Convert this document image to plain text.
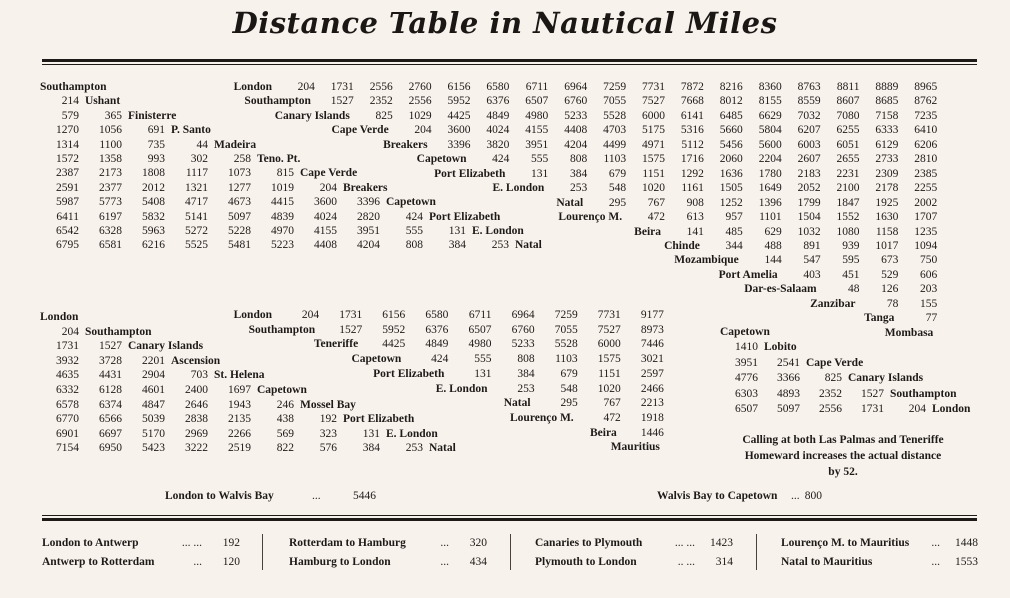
Distance Table in Nautical Miles
Southampton
214 Ushant
579	365 Finisterre
1270	1056	691 P. Santo
1314	1100	735	44 Madeira
1572	1358	993	302	258 Teno. Pt.
2387	2173	1808	1117	1073	815 Cape Verde
2591	2377	2012	1321	1277	1019	204 Breakers
5987	5773	5408	4717	4673	4415	3600	3396 Capetown
6411	6197	5832	5141	5097	4839	4024	2820	424 Port Elizabeth
6542	6328	5963	5272	5228	4970	4155	3951	555	131 E. London
6795	6581	6216	5525	5481	5223	4408	4204	808	384	253 Natal
London	204	1731	2556	2760	6156	6580	6711	6964	7259	7731	7872	8216	8360	8763	8811	8889	8965
Southampton	1527	2352	2556	5952	6376	6507	6760	7055	7527	7668	8012	8155	8559	8607	8685	8762
Canary Islands	825	1029	4425	4849	4980	5233	5528	6000	6141	6485	6629	7032	7080	7158	7235
Cape Verde	204	3600	4024	4155	4408	4703	5175	5316	5660	5804	6207	6255	6333	6410
Breakers	3396	3820	3951	4204	4499	4971	5112	5456	5600	6003	6051	6129	6206
Capetown	424	555	808	1103	1575	1716	2060	2204	2607	2655	2733	2810
Port Elizabeth	131	384	679	1151	1292	1636	1780	2183	2231	2309	2385
E. London	253	548	1020	1161	1505	1649	2052	2100	2178	2255
Natal	295	767	908	1252	1396	1799	1847	1925	2002
Lourenço M.	472	613	957	1101	1504	1552	1630	1707
Beira	141	485	629	1032	1080	1158	1235
Chinde	344	488	891	939	1017	1094
Mozambique	144	547	595	673	750
Port Amelia	403	451	529	606
Dar-es-Salaam	48	126	203
Zanzibar	78	155
Tanga	77
Mombasa
London
204 Southampton
1731	1527 Canary Islands
3932	3728	2201 Ascension
4635	4431	2904	703 St. Helena
6332	6128	4601	2400	1697 Capetown
6578	6374	4847	2646	1943	246 Mossel Bay
6770	6566	5039	2838	2135	438	192 Port Elizabeth
6901	6697	5170	2969	2266	569	323	131 E. London
7154	6950	5423	3222	2519	822	576	384	253 Natal
London	204	1731	6156	6580	6711	6964	7259	7731	9177
Southampton	1527	5952	6376	6507	6760	7055	7527	8973
Teneriffe	4425	4849	4980	5233	5528	6000	7446
Capetown	424	555	808	1103	1575	3021
Port Elizabeth	131	384	679	1151	2597
E. London	253	548	1020	2466
Natal	295	767	2213
Lourenço M.	472	1918
Beira	1446
Mauritius
Capetown
1410 Lobito
3951	2541 Cape Verde
4776	3366	825 Canary Islands
6303	4893	2352	1527 Southampton
6507	5097	2556	1731	204 London
Calling at both Las Palmas and Teneriffe
Homeward increases the actual distance
by 52.
London to Walvis Bay	...	5446	Walvis Bay to Capetown ... 800
London to Antwerp	... ...	192
Antwerp to Rotterdam	...	120
Rotterdam to Hamburg	...	320
Hamburg to London	...	434
Canaries to Plymouth	... ...	1423
Plymouth to London	.. ...	314
Lourenço M. to Mauritius	...	1448
Natal to Mauritius	...	1553
